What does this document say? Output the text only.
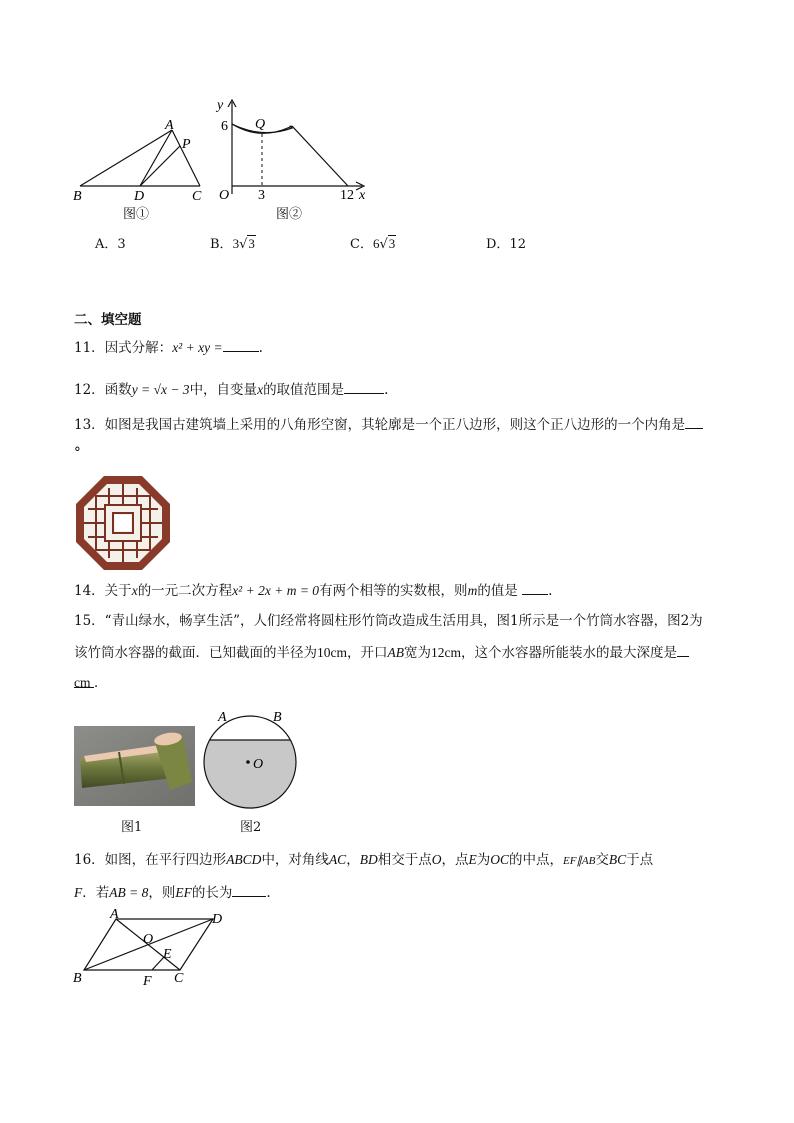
A
P
B	D	C
图①
y
6 Q
O 3	12 x
图②
A．3	B．3√3	C．6√3	D．12
二、填空题
11．因式分解：x² + xy =	.
12．函数y = √x − 3中，自变量x的取值范围是	.
13．如图是我国古建筑墙上采用的八角形空窗，其轮廓是一个正八边形，则这个正八边形的一个内角是
°
14．关于x的一元二次方程x² + 2x + m = 0有两个相等的实数根，则m的值是 .
15．“青山绿水，畅享生活”，人们经常将圆柱形竹筒改造成生活用具，图1所示是一个竹筒水容器，图2为
该竹筒水容器的截面．已知截面的半径为10cm，开口AB宽为12cm，这个水容器所能装水的最大深度是
cm ．
图1
A	B
O
图2
16．如图，在平行四边形ABCD中，对角线AC，BD相交于点O，点E为OC的中点，EF∥AB交BC于点
F．若AB = 8，则EF的长为	.
A	D
O
E
B	F C
